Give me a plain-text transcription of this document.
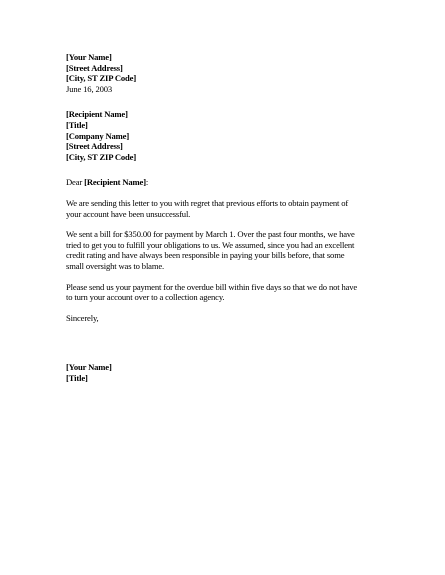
[Your Name]
[Street Address]
[City, ST ZIP Code]
June 16, 2003
[Recipient Name]
[Title]
[Company Name]
[Street Address]
[City, ST ZIP Code]
Dear [Recipient Name]:
We are sending this letter to you with regret that previous efforts to obtain payment of
your account have been unsuccessful.
We sent a bill for $350.00 for payment by March 1. Over the past four months, we have
tried to get you to fulfill your obligations to us. We assumed, since you had an excellent
credit rating and have always been responsible in paying your bills before, that some
small oversight was to blame.
Please send us your payment for the overdue bill within five days so that we do not have
to turn your account over to a collection agency.
Sincerely,
[Your Name]
[Title]
